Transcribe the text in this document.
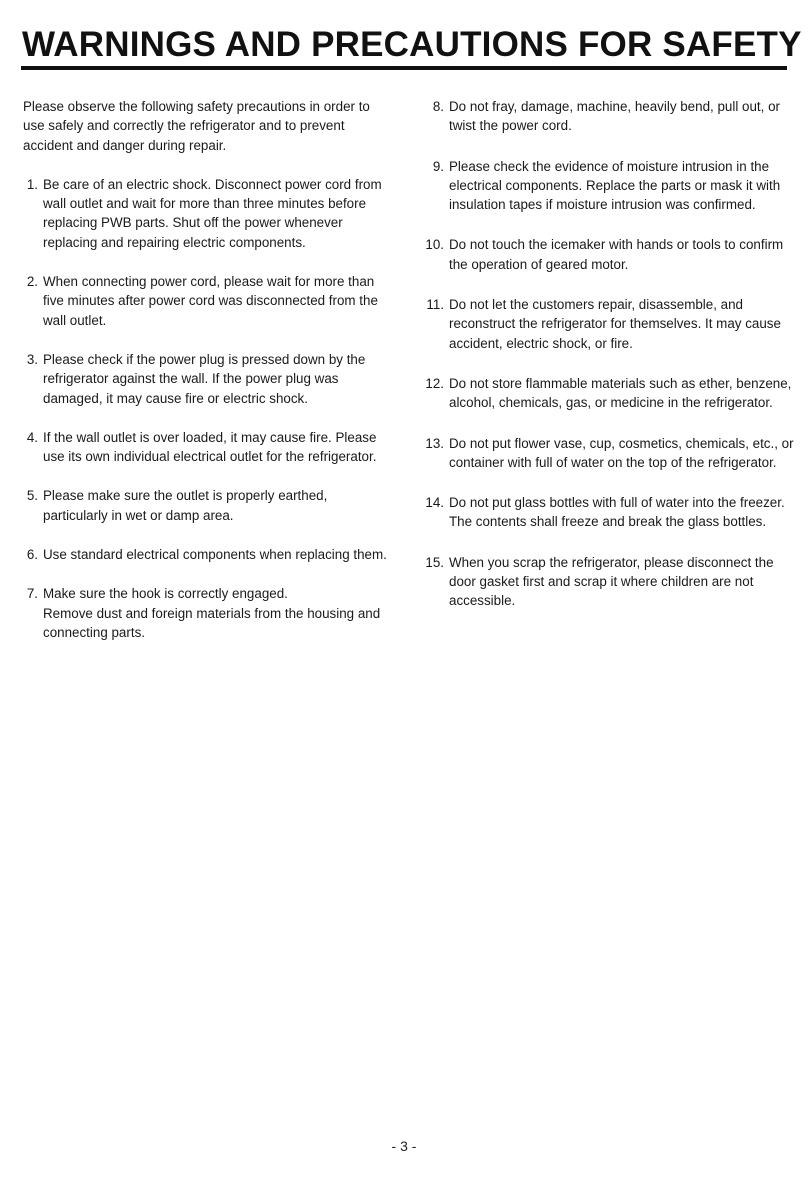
WARNINGS AND PRECAUTIONS FOR SAFETY

Please observe the following safety precautions in order to use safely and correctly the refrigerator and to prevent accident and danger during repair.

1. Be care of an electric shock. Disconnect power cord from wall outlet and wait for more than three minutes before replacing PWB parts. Shut off the power whenever replacing and repairing electric components.
2. When connecting power cord, please wait for more than five minutes after power cord was disconnected from the wall outlet.
3. Please check if the power plug is pressed down by the refrigerator against the wall. If the power plug was damaged, it may cause fire or electric shock.
4. If the wall outlet is over loaded, it may cause fire. Please use its own individual electrical outlet for the refrigerator.
5. Please make sure the outlet is properly earthed, particularly in wet or damp area.
6. Use standard electrical components when replacing them.
7. Make sure the hook is correctly engaged.
Remove dust and foreign materials from the housing and connecting parts.
8. Do not fray, damage, machine, heavily bend, pull out, or twist the power cord.
9. Please check the evidence of moisture intrusion in the electrical components. Replace the parts or mask it with insulation tapes if moisture intrusion was confirmed.
10. Do not touch the icemaker with hands or tools to confirm the operation of geared motor.
11. Do not let the customers repair, disassemble, and reconstruct the refrigerator for themselves. It may cause accident, electric shock, or fire.
12. Do not store flammable materials such as ether, benzene, alcohol, chemicals, gas, or medicine in the refrigerator.
13. Do not put flower vase, cup, cosmetics, chemicals, etc., or container with full of water on the top of the refrigerator.
14. Do not put glass bottles with full of water into the freezer. The contents shall freeze and break the glass bottles.
15. When you scrap the refrigerator, please disconnect the door gasket first and scrap it where children are not accessible.
- 3 -
